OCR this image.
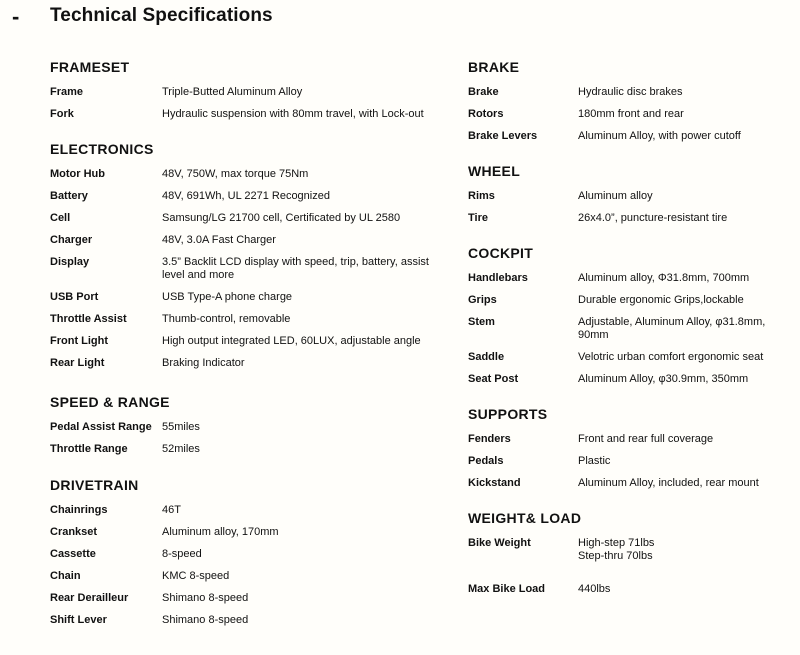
- Technical Specifications
FRAMESET
Frame	Triple-Butted Aluminum Alloy
Fork	Hydraulic suspension with 80mm travel, with Lock-out
ELECTRONICS
Motor Hub	48V, 750W, max torque 75Nm
Battery	48V, 691Wh, UL 2271 Recognized
Cell	Samsung/LG 21700 cell, Certificated by UL 2580
Charger	48V, 3.0A Fast Charger
Display	3.5” Backlit LCD display with speed, trip, battery, assist level and more
USB Port	USB Type-A phone charge
Throttle Assist	Thumb-control, removable
Front Light	High output integrated LED, 60LUX, adjustable angle
Rear Light	Braking Indicator
SPEED & RANGE
Pedal Assist Range 55miles
Throttle Range	52miles
DRIVETRAIN
Chainrings	46T
Crankset	Aluminum alloy, 170mm
Cassette	8-speed
Chain	KMC 8-speed
Rear Derailleur	Shimano 8-speed
Shift Lever	Shimano 8-speed
BRAKE
Brake	Hydraulic disc brakes
Rotors	180mm front and rear
Brake Levers	Aluminum Alloy, with power cutoff
WHEEL
Rims	Aluminum alloy
Tire	26x4.0”, puncture-resistant tire
COCKPIT
Handlebars	Aluminum alloy, Φ31.8mm, 700mm
Grips	Durable ergonomic Grips,lockable
Stem	Adjustable, Aluminum Alloy, φ31.8mm, 90mm
Saddle	Velotric urban comfort ergonomic seat
Seat Post	Aluminum Alloy, φ30.9mm, 350mm
SUPPORTS
Fenders	Front and rear full coverage
Pedals	Plastic
Kickstand	Aluminum Alloy, included, rear mount
WEIGHT& LOAD
Bike Weight	High-step 71lbs
Step-thru 70lbs
Max Bike Load	440lbs
